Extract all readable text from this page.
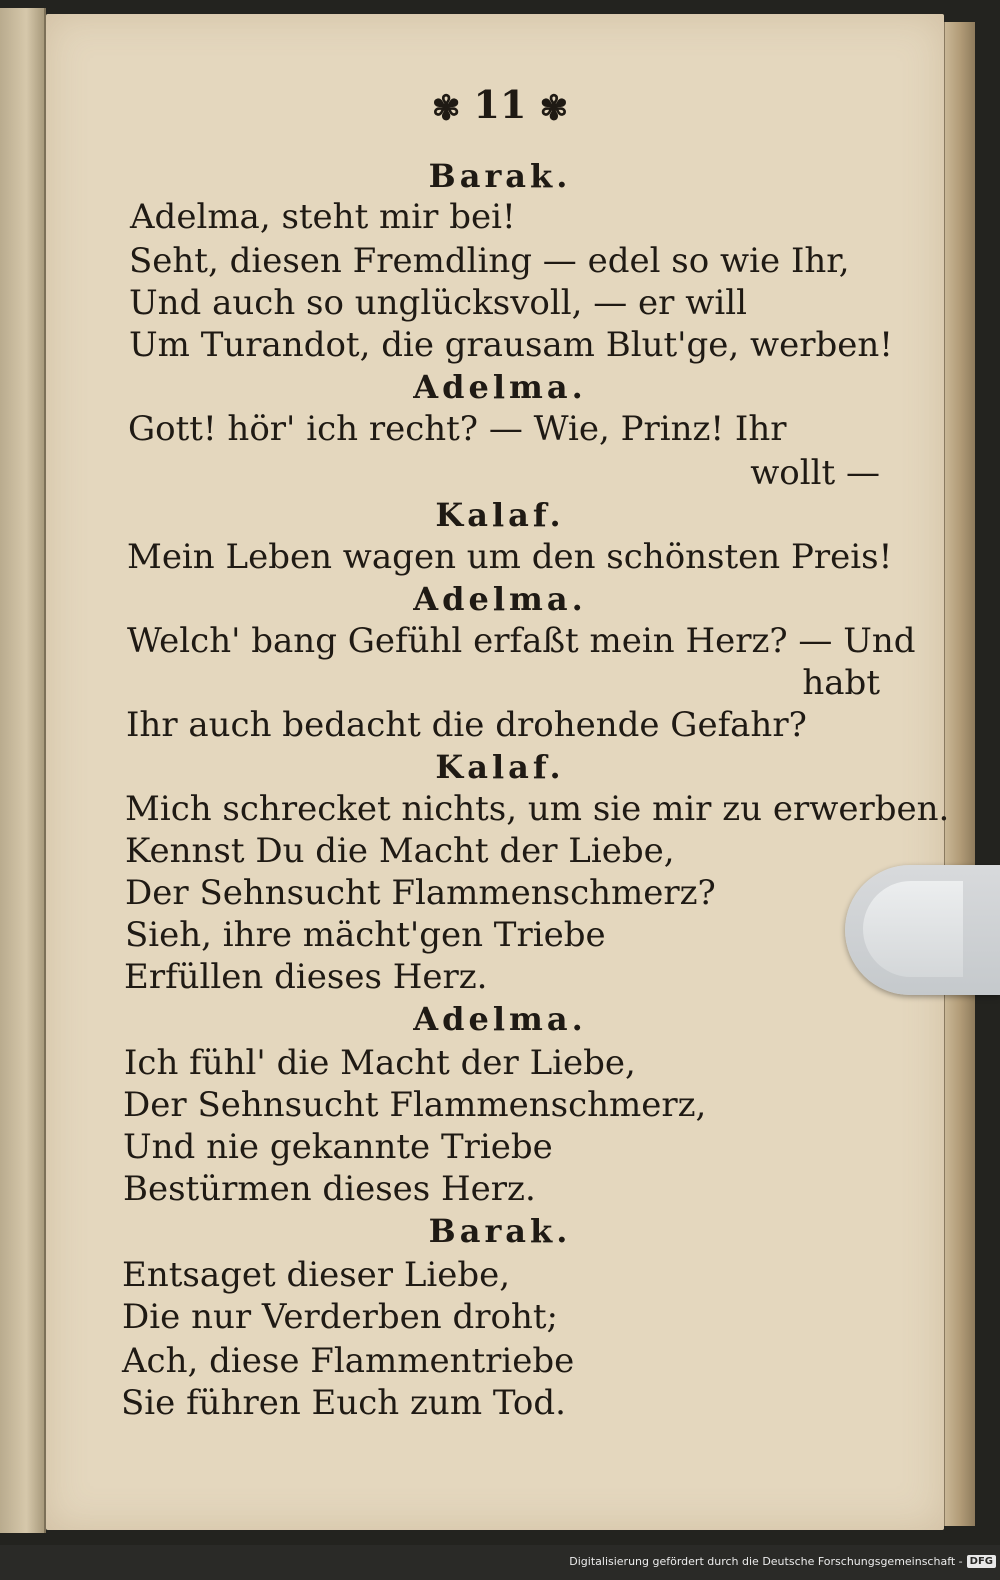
✾ 11 ✾
Barak.
Adelma, steht mir bei!
Seht, diesen Fremdling — edel so wie Ihr,
Und auch so unglücksvoll, — er will
Um Turandot, die grausam Blut'ge, werben!
Adelma.
Gott! hör' ich recht? — Wie, Prinz! Ihr
wollt —
Kalaf.
Mein Leben wagen um den schönsten Preis!
Adelma.
Welch' bang Gefühl erfaßt mein Herz? — Und
habt
Ihr auch bedacht die drohende Gefahr?
Kalaf.
Mich schrecket nichts, um sie mir zu erwerben.
Kennst Du die Macht der Liebe,
Der Sehnsucht Flammenschmerz?
Sieh, ihre mächt'gen Triebe
Erfüllen dieses Herz.
Adelma.
Ich fühl' die Macht der Liebe,
Der Sehnsucht Flammenschmerz,
Und nie gekannte Triebe
Bestürmen dieses Herz.
Barak.
Entsaget dieser Liebe,
Die nur Verderben droht;
Ach, diese Flammentriebe
Sie führen Euch zum Tod.
Digitalisierung gefördert durch die Deutsche Forschungsgemeinschaft - DFG
